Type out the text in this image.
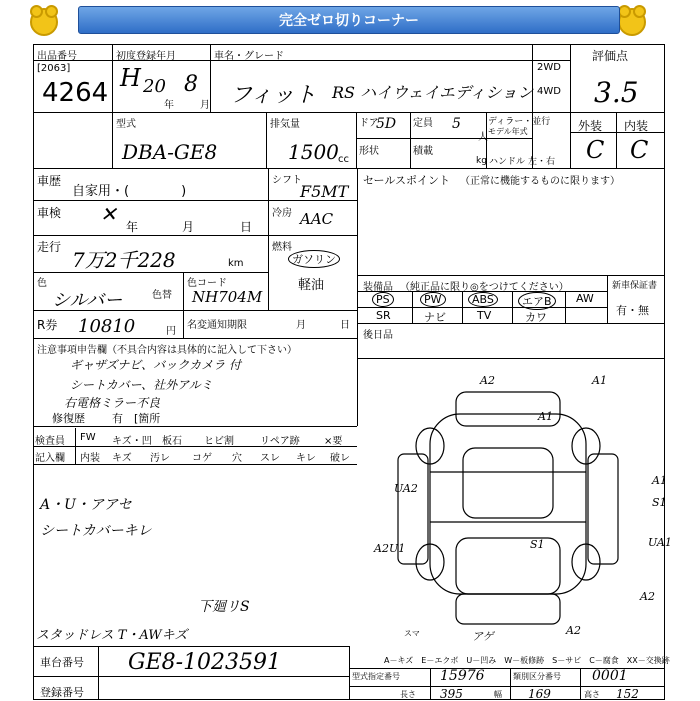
完全ゼロ切りコーナー
出品番号
[2063]
4264
初度登録年月
H 20
年
8
月
車名・グレード
フィット RS ハイウェイエディション
2WD
4WD
評価点
3.5
外装 内装
C C
型式
DBA-GE8
排気量
1500 cc
ドア
5D 定員 5
人
ディラー・並行
モデル年式
形状	積載
kg ハンドル 左・右
車歴
自家用・(　　　　)
車検 ✕
年	月	日
走行
7万2千228	km
色
シルバー	色替
色コード
NH704M
シフト
F5MT
冷房 AAC
燃料
ガソリン
軽油
R券 10810	円
名変通知期限	月	日
セールスポイント （正常に機能するものに限ります）
装備品 （純正品に限り◎をつけてください）	新車保証書
有・無
PS	PW	ABS	エアB	AW
SR	ナビ	TV	カワ
後日品
注意事項申告欄（不具合内容は具体的に記入して下さい）
ギャザズナビ、バックカメラ 付
シートカバー、社外アルミ
右電格ミラー不良
修復歴 有　[箇所
検査員
記入欄
FW キズ・凹 板石 ヒビ割	リペア跡 ×要
内装 キズ 汚レ コゲ 穴 スレ キレ 破レ
A・U・アアセ
シートカバーキレ
下廻リS
スタッドレス T・AWキズ
A2	A1
A1
UA2
A1
S1
UA1
A2U1	S1
A2
A2
スマ	アゲ
A－キズ　E－エクボ　U－凹み　W－板修跡　S－サビ　C－腐食　XX－交換跡
車台番号 GE8-1023591
登録番号
型式指定番号	15976	類別区分番号 0001
長さ 395	幅 169	高さ 152
